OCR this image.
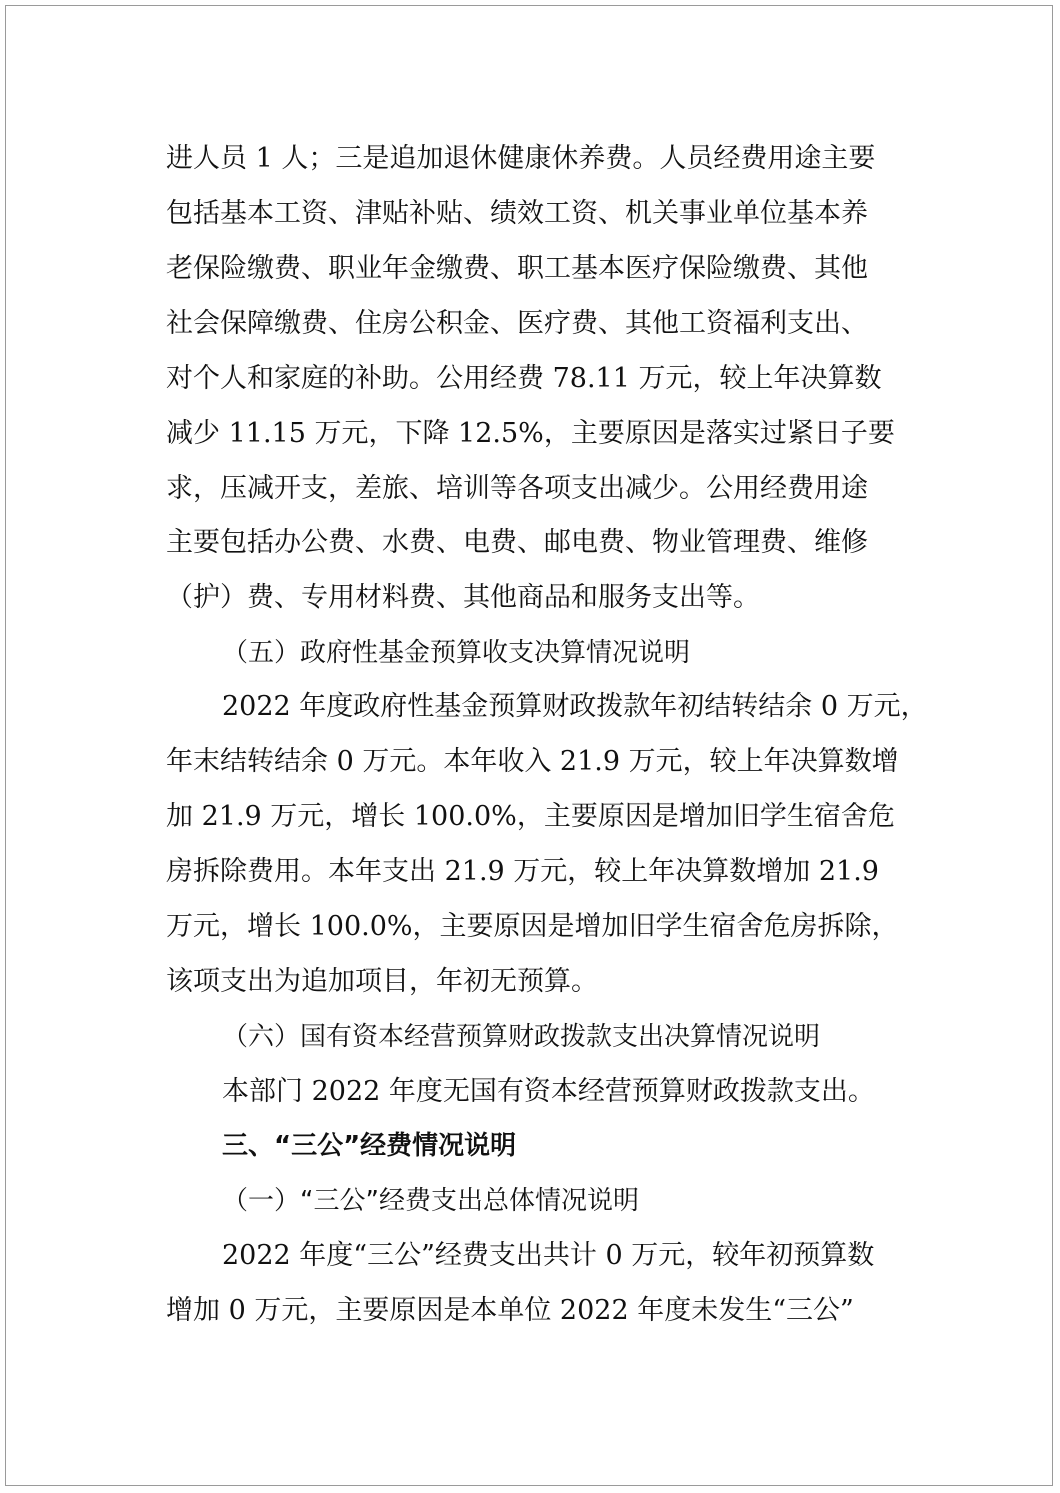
进人员 1 人；三是追加退休健康休养费。人员经费用途主要
包括基本工资、津贴补贴、绩效工资、机关事业单位基本养
老保险缴费、职业年金缴费、职工基本医疗保险缴费、其他
社会保障缴费、住房公积金、医疗费、其他工资福利支出、
对个人和家庭的补助。公用经费 78.11 万元，较上年决算数
减少 11.15 万元，下降 12.5%，主要原因是落实过紧日子要
求，压减开支，差旅、培训等各项支出减少。公用经费用途
主要包括办公费、水费、电费、邮电费、物业管理费、维修
（护）费、专用材料费、其他商品和服务支出等。
（五）政府性基金预算收支决算情况说明
2022 年度政府性基金预算财政拨款年初结转结余 0 万元，
年末结转结余 0 万元。本年收入 21.9 万元，较上年决算数增
加 21.9 万元，增长 100.0%，主要原因是增加旧学生宿舍危
房拆除费用。本年支出 21.9 万元，较上年决算数增加 21.9
万元，增长 100.0%，主要原因是增加旧学生宿舍危房拆除，
该项支出为追加项目，年初无预算。
（六）国有资本经营预算财政拨款支出决算情况说明
本部门 2022 年度无国有资本经营预算财政拨款支出。
三、“三公”经费情况说明
（一）“三公”经费支出总体情况说明
2022 年度“三公”经费支出共计 0 万元，较年初预算数
增加 0 万元，主要原因是本单位 2022 年度未发生“三公”
